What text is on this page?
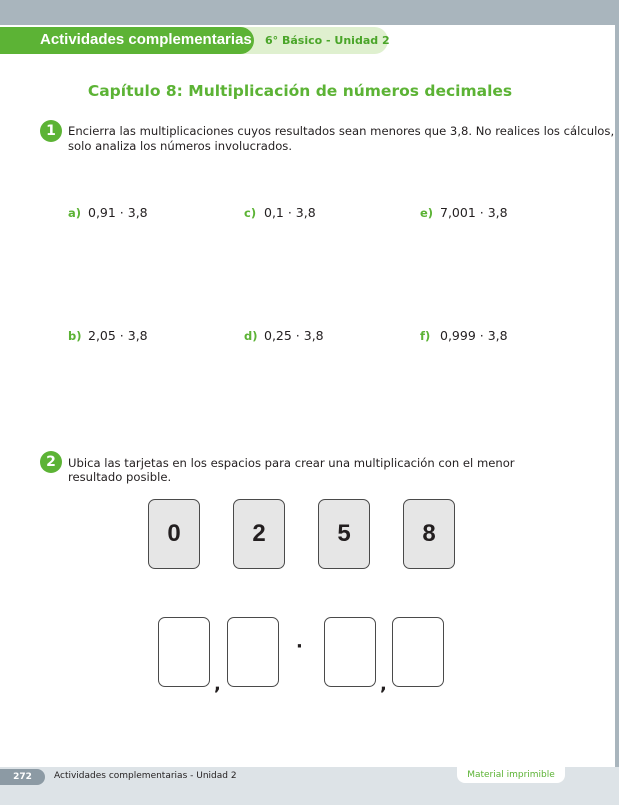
Actividades complementarias 6° Básico - Unidad 2
Capítulo 8: Multiplicación de números decimales
1	Encierra las multiplicaciones cuyos resultados sean menores que 3,8. No realices los cálculos,
solo analiza los números involucrados.
a) 0,91 · 3,8	c) 0,1 · 3,8	e) 7,001 · 3,8
b) 2,05 · 3,8	d) 0,25 · 3,8	f) 0,999 · 3,8
2	Ubica las tarjetas en los espacios para crear una multiplicación con el menor
resultado posible.
0	2	5	8
,
·
,
272	Actividades complementarias - Unidad 2	Material imprimible
